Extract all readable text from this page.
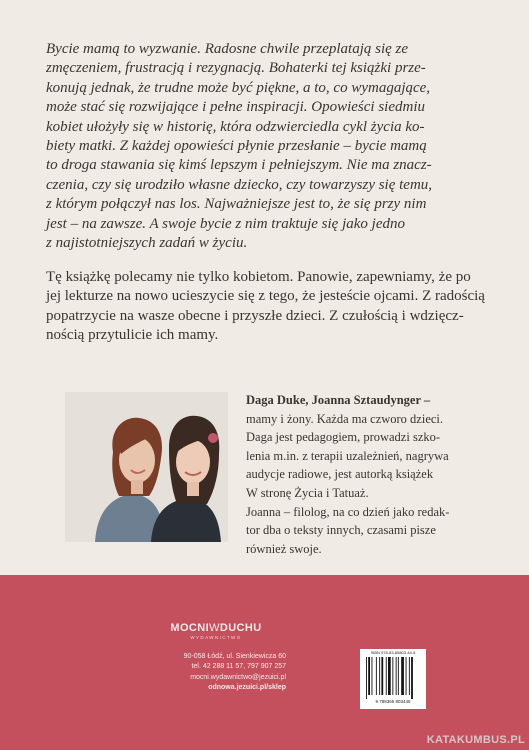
Bycie mamą to wyzwanie. Radosne chwile przeplatają się ze

zmęczeniem, frustracją i rezygnacją. Bohaterki tej książki prze-

konują jednak, że trudne może być piękne, a to, co wymagające,

może stać się rozwijające i pełne inspiracji. Opowieści siedmiu

kobiet ułożyły się w historię, która odzwierciedla cykl życia ko-

biety matki. Z każdej opowieści płynie przesłanie – bycie mamą

to droga stawania się kimś lepszym i pełniejszym. Nie ma znacz-

czenia, czy się urodziło własne dziecko, czy towarzyszy się temu,

z którym połączył nas los. Najważniejsze jest to, że się przy nim

jest – na zawsze. A swoje bycie z nim traktuje się jako jedno

z najistotniejszych zadań w życiu.

Tę książkę polecamy nie tylko kobietom. Panowie, zapewniamy, że po

jej lekturze na nowo ucieszycie się z tego, że jesteście ojcami. Z radością

popatrzycie na wasze obecne i przyszłe dzieci. Z czułością i wdzięcz-

nością przytulicie ich mamy.

Daga Duke, Joanna Sztaudynger –

mamy i żony. Każda ma czworo dzieci.

Daga jest pedagogiem, prowadzi szko-

lenia m.in. z terapii uzależnień, nagrywa

audycje radiowe, jest autorką książek

W stronę Życia i Tatuaż.

Joanna – filolog, na co dzień jako redak-

tor dba o teksty innych, czasami pisze

również swoje.

MOCNIWDUCHU
WYDAWNICTWO

90-058 Łódź, ul. Sienkiewicza 60

tel. 42 288 11 57, 797 907 257

mocni.wydawnictwo@jezuici.pl

odnowa.jezuici.pl/sklep

ISBN 978-83-65803-44-5
9 788365 803445
KATAKUMBUS.PL
